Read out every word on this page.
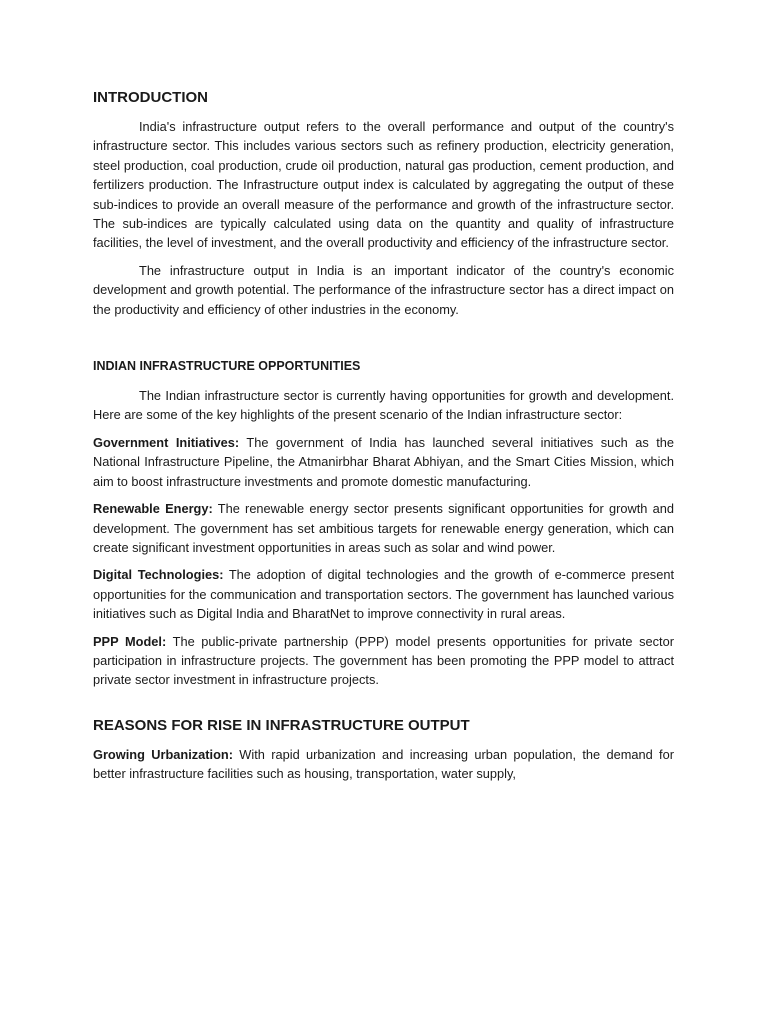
INTRODUCTION

India's infrastructure output refers to the overall performance and output of the country's infrastructure sector. This includes various sectors such as refinery production, electricity generation, steel production, coal production, crude oil production, natural gas production, cement production, and fertilizers production. The Infrastructure output index is calculated by aggregating the output of these sub-indices to provide an overall measure of the performance and growth of the infrastructure sector. The sub-indices are typically calculated using data on the quantity and quality of infrastructure facilities, the level of investment, and the overall productivity and efficiency of the infrastructure sector.

The infrastructure output in India is an important indicator of the country's economic development and growth potential. The performance of the infrastructure sector has a direct impact on the productivity and efficiency of other industries in the economy.

INDIAN INFRASTRUCTURE OPPORTUNITIES

The Indian infrastructure sector is currently having opportunities for growth and development. Here are some of the key highlights of the present scenario of the Indian infrastructure sector:

Government Initiatives: The government of India has launched several initiatives such as the National Infrastructure Pipeline, the Atmanirbhar Bharat Abhiyan, and the Smart Cities Mission, which aim to boost infrastructure investments and promote domestic manufacturing.

Renewable Energy: The renewable energy sector presents significant opportunities for growth and development. The government has set ambitious targets for renewable energy generation, which can create significant investment opportunities in areas such as solar and wind power.

Digital Technologies: The adoption of digital technologies and the growth of e-commerce present opportunities for the communication and transportation sectors. The government has launched various initiatives such as Digital India and BharatNet to improve connectivity in rural areas.

PPP Model: The public-private partnership (PPP) model presents opportunities for private sector participation in infrastructure projects. The government has been promoting the PPP model to attract private sector investment in infrastructure projects.

REASONS FOR RISE IN INFRASTRUCTURE OUTPUT

Growing Urbanization: With rapid urbanization and increasing urban population, the demand for better infrastructure facilities such as housing, transportation, water supply,
